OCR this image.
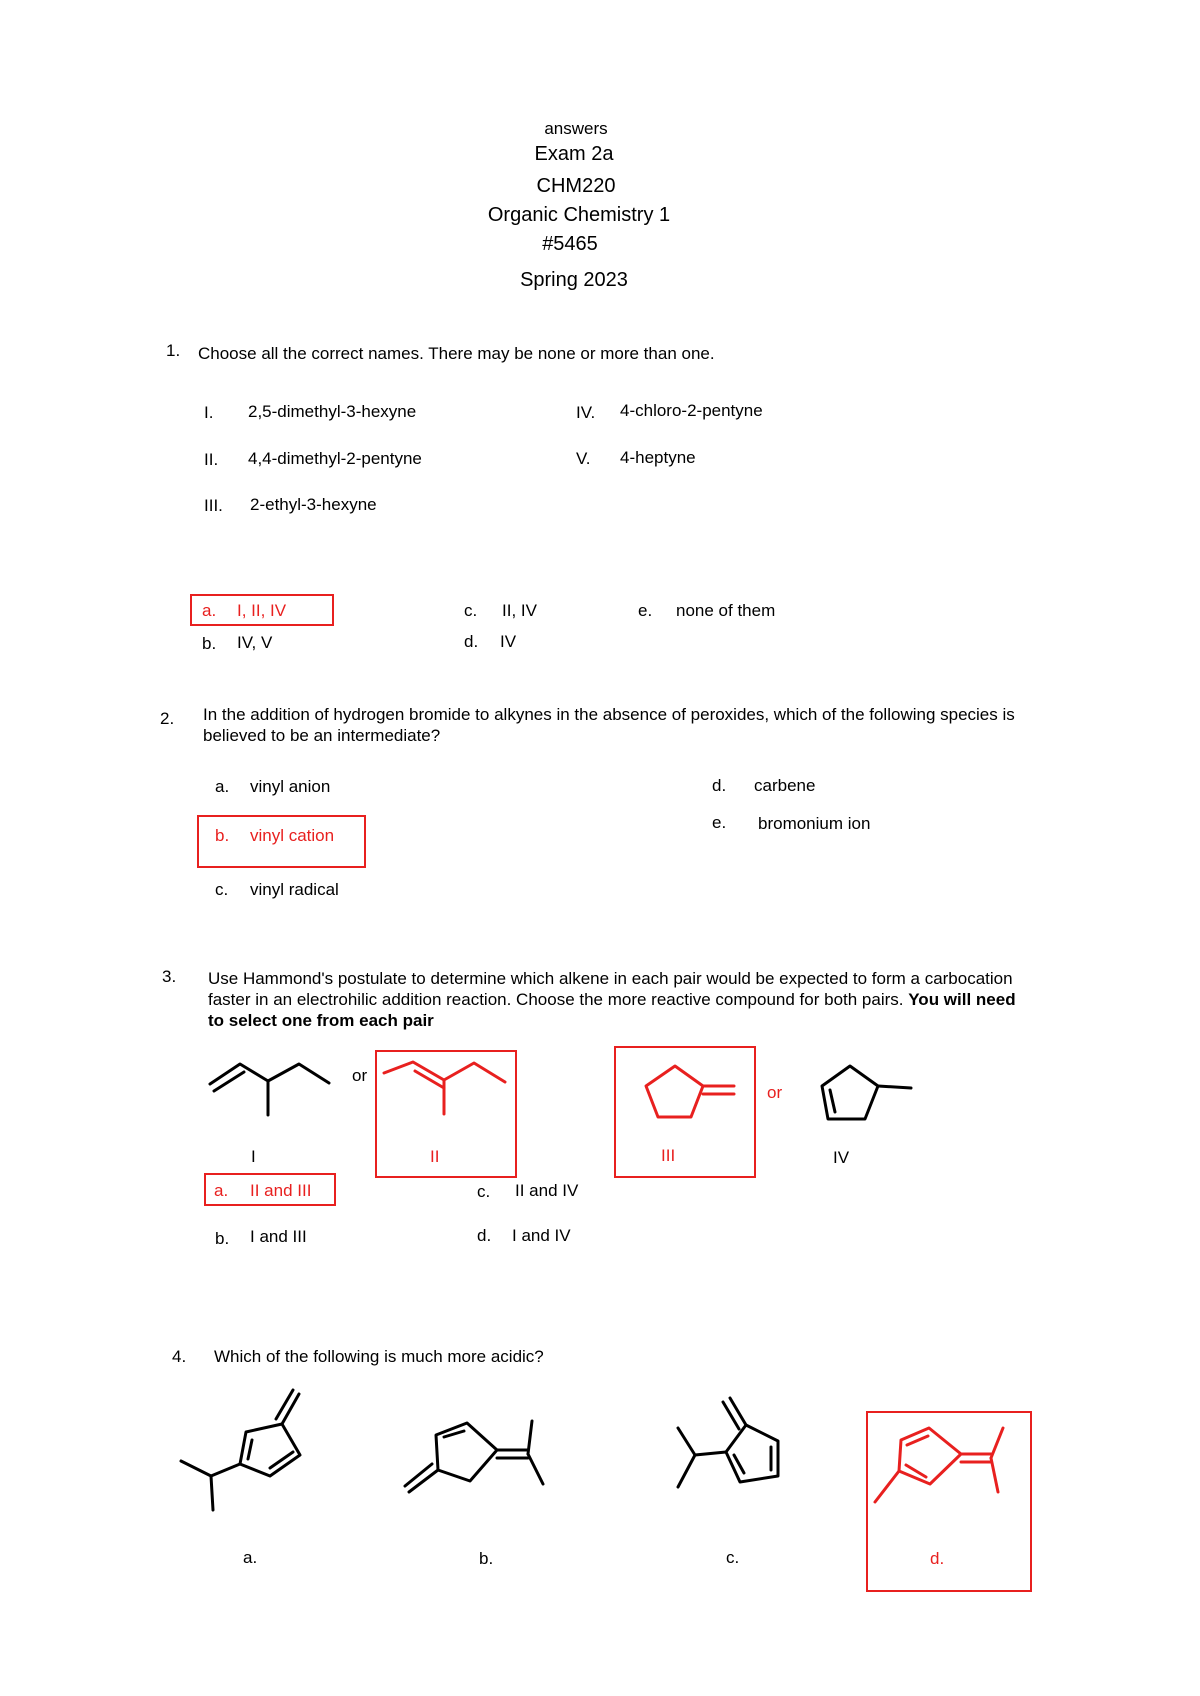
answers
Exam 2a
CHM220
Organic Chemistry 1
#5465
Spring 2023
1. Choose all the correct names. There may be none or more than one.
I. 2,5-dimethyl-3-hexyne
II. 4,4-dimethyl-2-pentyne
III. 2-ethyl-3-hexyne
IV. 4-chloro-2-pentyne
V. 4-heptyne
a. I, II, IV
b. IV, V
c. II, IV
d. IV
e. none of them
2. In the addition of hydrogen bromide to alkynes in the absence of peroxides, which of the following species is believed to be an intermediate?
a. vinyl anion
b. vinyl cation
c. vinyl radical
d. carbene
e. bromonium ion
3. Use Hammond's postulate to determine which alkene in each pair would be expected to form a carbocation faster in an electrohilic addition reaction. Choose the more reactive compound for both pairs. You will need to select one from each pair
or
or
I	II	III	IV
a. II and III
b. I and III
c. II and IV
d. I and IV
4. Which of the following is much more acidic?
a.	b.	c.	d.
